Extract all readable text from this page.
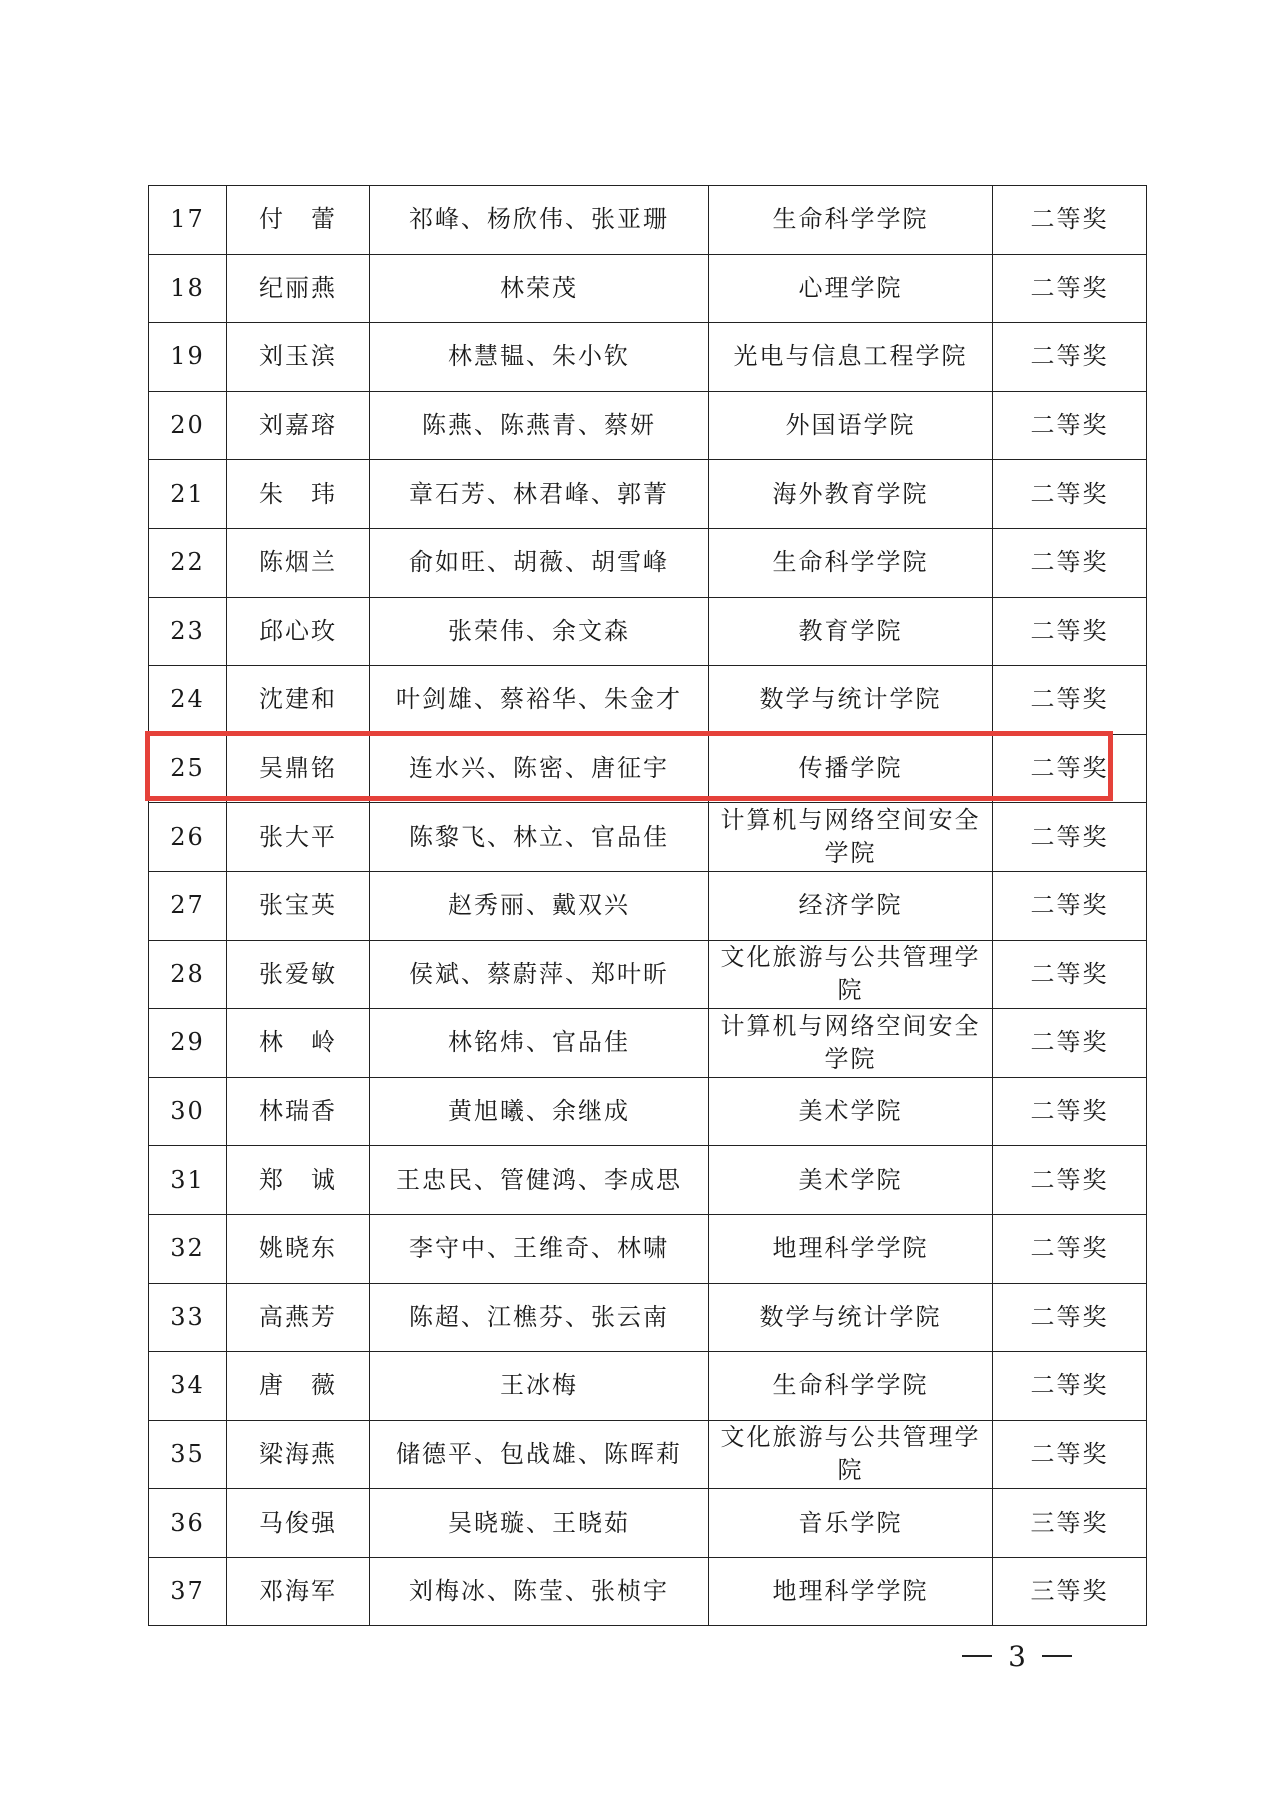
17	付　蕾	祁峰、杨欣伟、张亚珊	生命科学学院	二等奖
18	纪丽燕	林荣茂	心理学院	二等奖
19	刘玉滨	林慧韫、朱小钦	光电与信息工程学院	二等奖
20	刘嘉瑢	陈燕、陈燕青、蔡妍	外国语学院	二等奖
21	朱　玮	章石芳、林君峰、郭菁	海外教育学院	二等奖
22	陈烟兰	俞如旺、胡薇、胡雪峰	生命科学学院	二等奖
23	邱心玫	张荣伟、余文森	教育学院	二等奖
24	沈建和	叶剑雄、蔡裕华、朱金才	数学与统计学院	二等奖
25	吴鼎铭	连水兴、陈密、唐征宇	传播学院	二等奖
26	张大平	陈黎飞、林立、官品佳	计算机与网络空间安全学院	二等奖
27	张宝英	赵秀丽、戴双兴	经济学院	二等奖
28	张爱敏	侯斌、蔡蔚萍、郑叶昕	文化旅游与公共管理学院	二等奖
29	林　岭	林铭炜、官品佳	计算机与网络空间安全学院	二等奖
30	林瑞香	黄旭曦、余继成	美术学院	二等奖
31	郑　诚	王忠民、管健鸿、李成思	美术学院	二等奖
32	姚晓东	李守中、王维奇、林啸	地理科学学院	二等奖
33	高燕芳	陈超、江樵芬、张云南	数学与统计学院	二等奖
34	唐　薇	王冰梅	生命科学学院	二等奖
35	梁海燕	储德平、包战雄、陈晖莉	文化旅游与公共管理学院	二等奖
36	马俊强	吴晓璇、王晓茹	音乐学院	三等奖
37	邓海军	刘梅冰、陈莹、张桢宇	地理科学学院	三等奖
3
